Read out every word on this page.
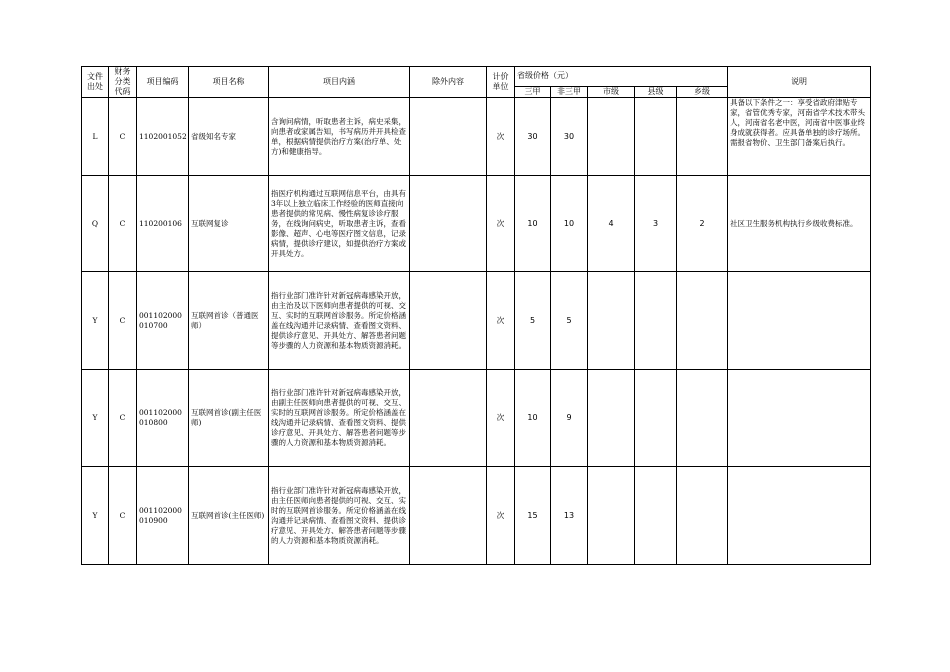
文件出处	财务分类代码	项目编码	项目名称	项目内涵	除外内容	计价单位	省级价格（元）					说明
							三甲	非三甲	市级	县级	乡级	
L	C	1102001052	省级知名专家	含询问病情，听取患者主诉，病史采集，向患者或家属告知，书写病历并开具检查单，根据病情提供治疗方案(治疗单、处方)和健康指导。		次	30	30				具备以下条件之一：享受省政府津贴专家，省管优秀专家，河南省学术技术带头人，河南省名老中医，河南省中医事业终身成就获得者。应具备单独的诊疗场所。需报省物价、卫生部门备案后执行。
Q	C	110200106	互联网复诊	指医疗机构通过互联网信息平台，由具有3年以上独立临床工作经验的医师直接向患者提供的常见病、慢性病复诊诊疗服务，在线询问病史，听取患者主诉，查看影像、超声、心电等医疗图文信息，记录病情，提供诊疗建议，如提供治疗方案或开具处方。		次	10	10	4	3	2	社区卫生服务机构执行乡级收费标准。
Y	C	001102000010700	互联网首诊（普通医师）	指行业部门准许针对新冠病毒感染开放，由主治及以下医师向患者提供的可视、交互、实时的互联网首诊服务。所定价格涵盖在线沟通并记录病情、查看图文资料、提供诊疗意见、开具处方、解答患者问题等步骤的人力资源和基本物质资源消耗。		次	5	5				
Y	C	001102000010800	互联网首诊(副主任医师)	指行业部门准许针对新冠病毒感染开放，由副主任医师向患者提供的可视、交互、实时的互联网首诊服务。所定价格涵盖在线沟通并记录病情、查看图文资料、提供诊疗意见、开具处方、解答患者问题等步骤的人力资源和基本物质资源消耗。		次	10	9				
Y	C	001102000010900	互联网首诊(主任医师)	指行业部门准许针对新冠病毒感染开放，由主任医师向患者提供的可视、交互、实时的互联网首诊服务。所定价格涵盖在线沟通并记录病情、查看图文资料、提供诊疗意见、开具处方、解答患者问题等步骤的人力资源和基本物质资源消耗。		次	15	13				
